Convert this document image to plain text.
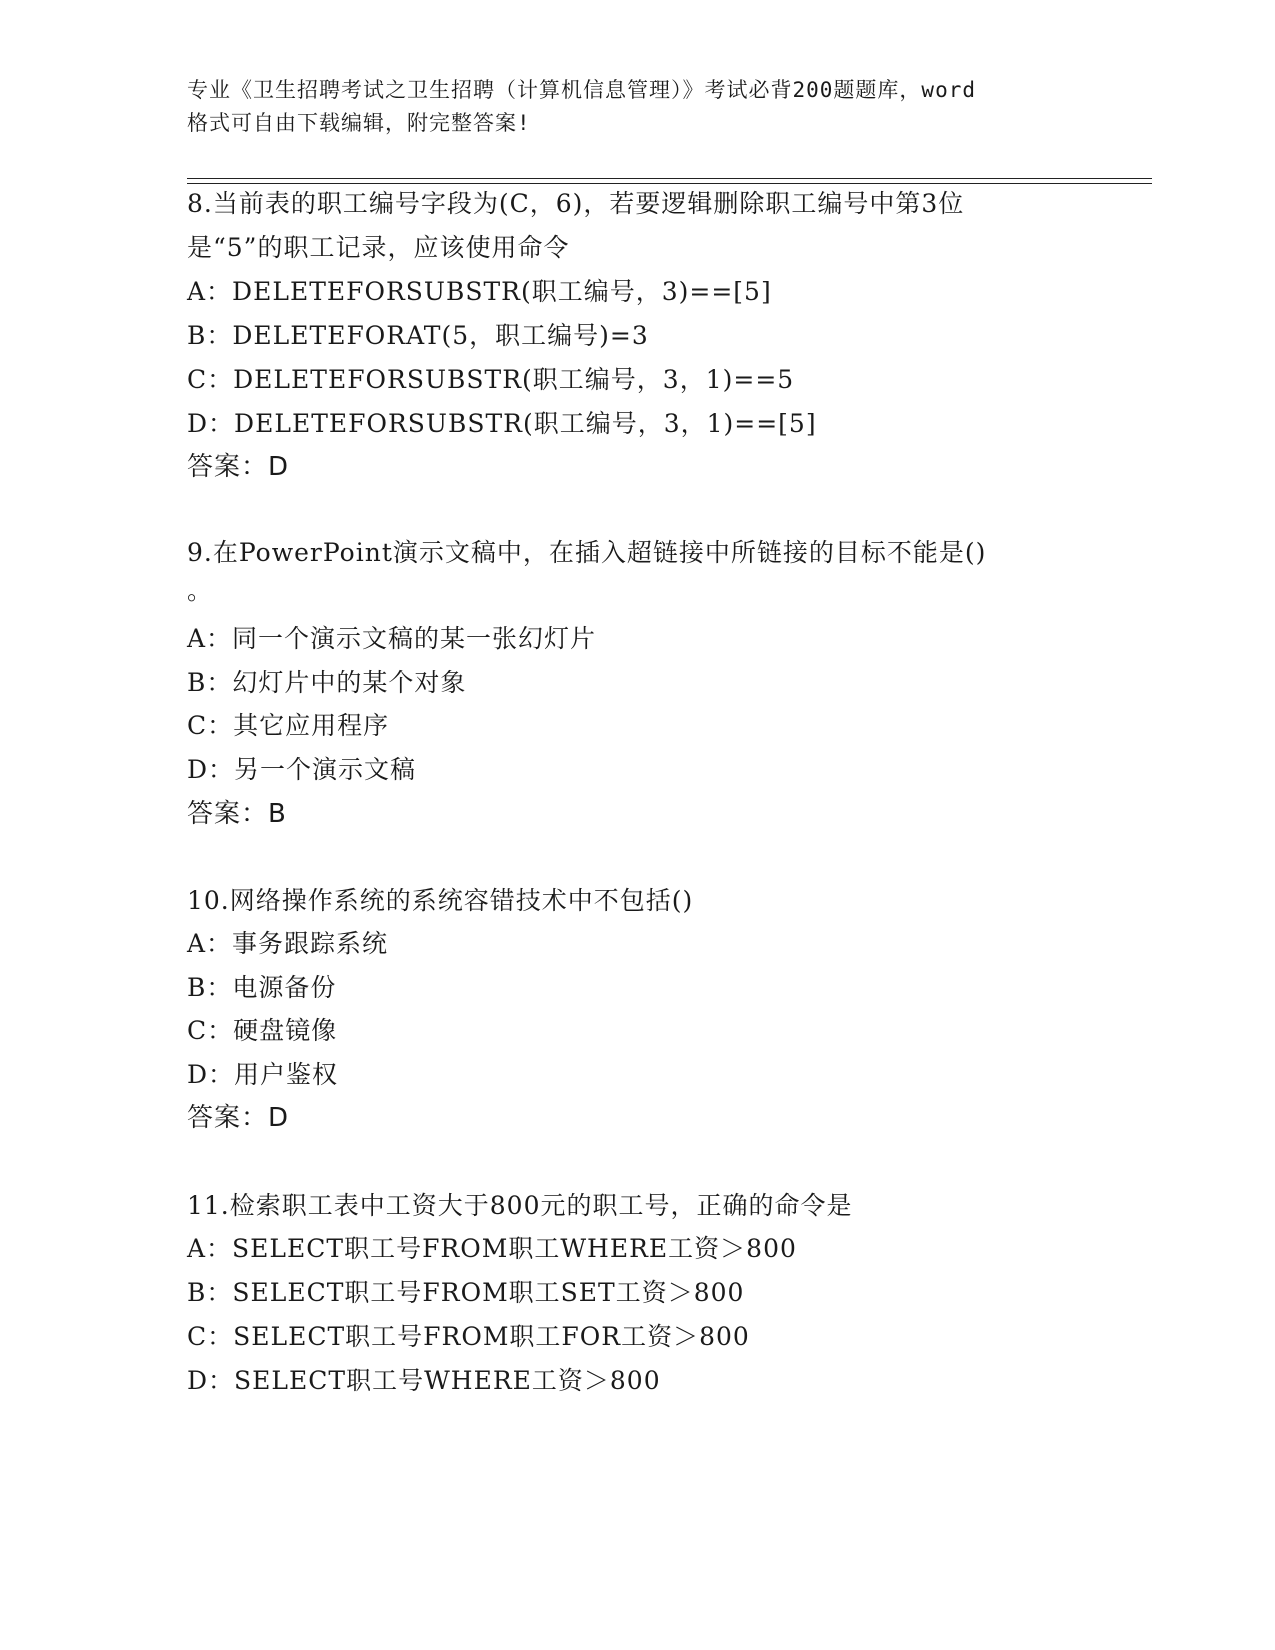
专业《卫生招聘考试之卫生招聘（计算机信息管理）》考试必背200题题库，word
格式可自由下载编辑，附完整答案!
8.当前表的职工编号字段为(C，6)，若要逻辑删除职工编号中第3位
是“5”的职工记录，应该使用命令
A：DELETEFORSUBSTR(职工编号，3)==[5]
B：DELETEFORAT(5，职工编号)=3
C：DELETEFORSUBSTR(职工编号，3，1)==5
D：DELETEFORSUBSTR(职工编号，3，1)==[5]
答案：D
9.在PowerPoint演示文稿中，在插入超链接中所链接的目标不能是()
。
A：同一个演示文稿的某一张幻灯片
B：幻灯片中的某个对象
C：其它应用程序
D：另一个演示文稿
答案：B
10.网络操作系统的系统容错技术中不包括()
A：事务跟踪系统
B：电源备份
C：硬盘镜像
D：用户鉴权
答案：D
11.检索职工表中工资大于800元的职工号，正确的命令是
A：SELECT职工号FROM职工WHERE工资＞800
B：SELECT职工号FROM职工SET工资＞800
C：SELECT职工号FROM职工FOR工资＞800
D：SELECT职工号WHERE工资＞800
